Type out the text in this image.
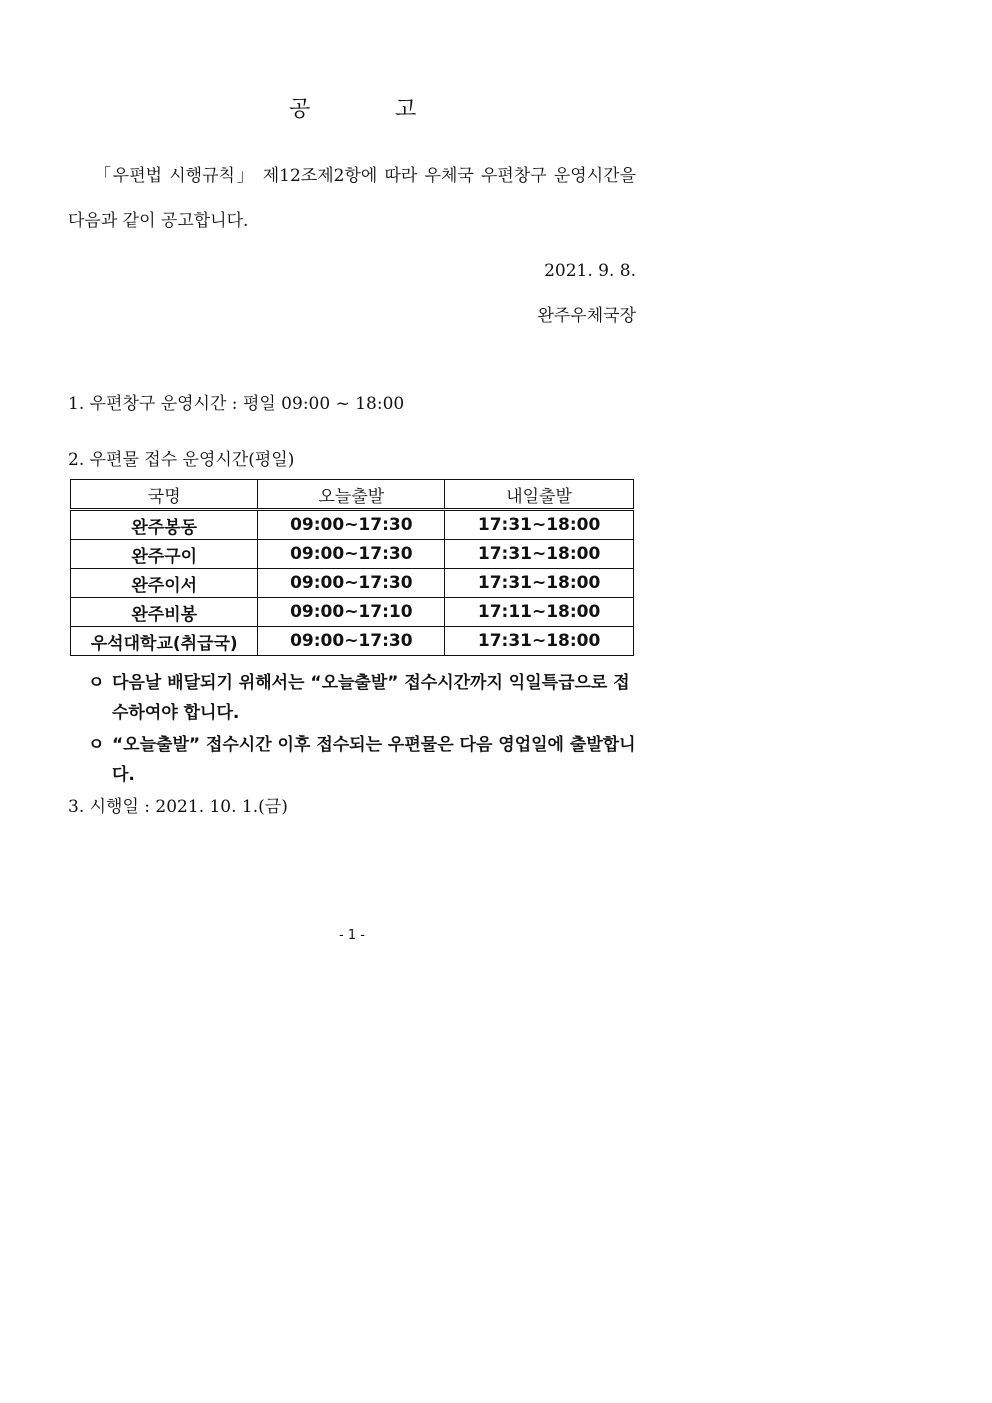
공	고
「우편법 시행규칙」 제12조제2항에 따라 우체국 우편창구 운영시간을
다음과 같이 공고합니다.
2021. 9. 8.
완주우체국장
1. 우편창구 운영시간 : 평일 09:00 ~ 18:00
2. 우편물 접수 운영시간(평일)
국명	오늘출발	내일출발
완주봉동	09:00~17:30	17:31~18:00
완주구이	09:00~17:30	17:31~18:00
완주이서	09:00~17:30	17:31~18:00
완주비봉	09:00~17:10	17:11~18:00
우석대학교(취급국)	09:00~17:30	17:31~18:00
ㅇ 다음날 배달되기 위해서는 “오늘출발” 접수시간까지 익일특급으로 접수하여야 합니다.
ㅇ “오늘출발” 접수시간 이후 접수되는 우편물은 다음 영업일에 출발합니다.
3. 시행일 : 2021. 10. 1.(금)
- 1 -
